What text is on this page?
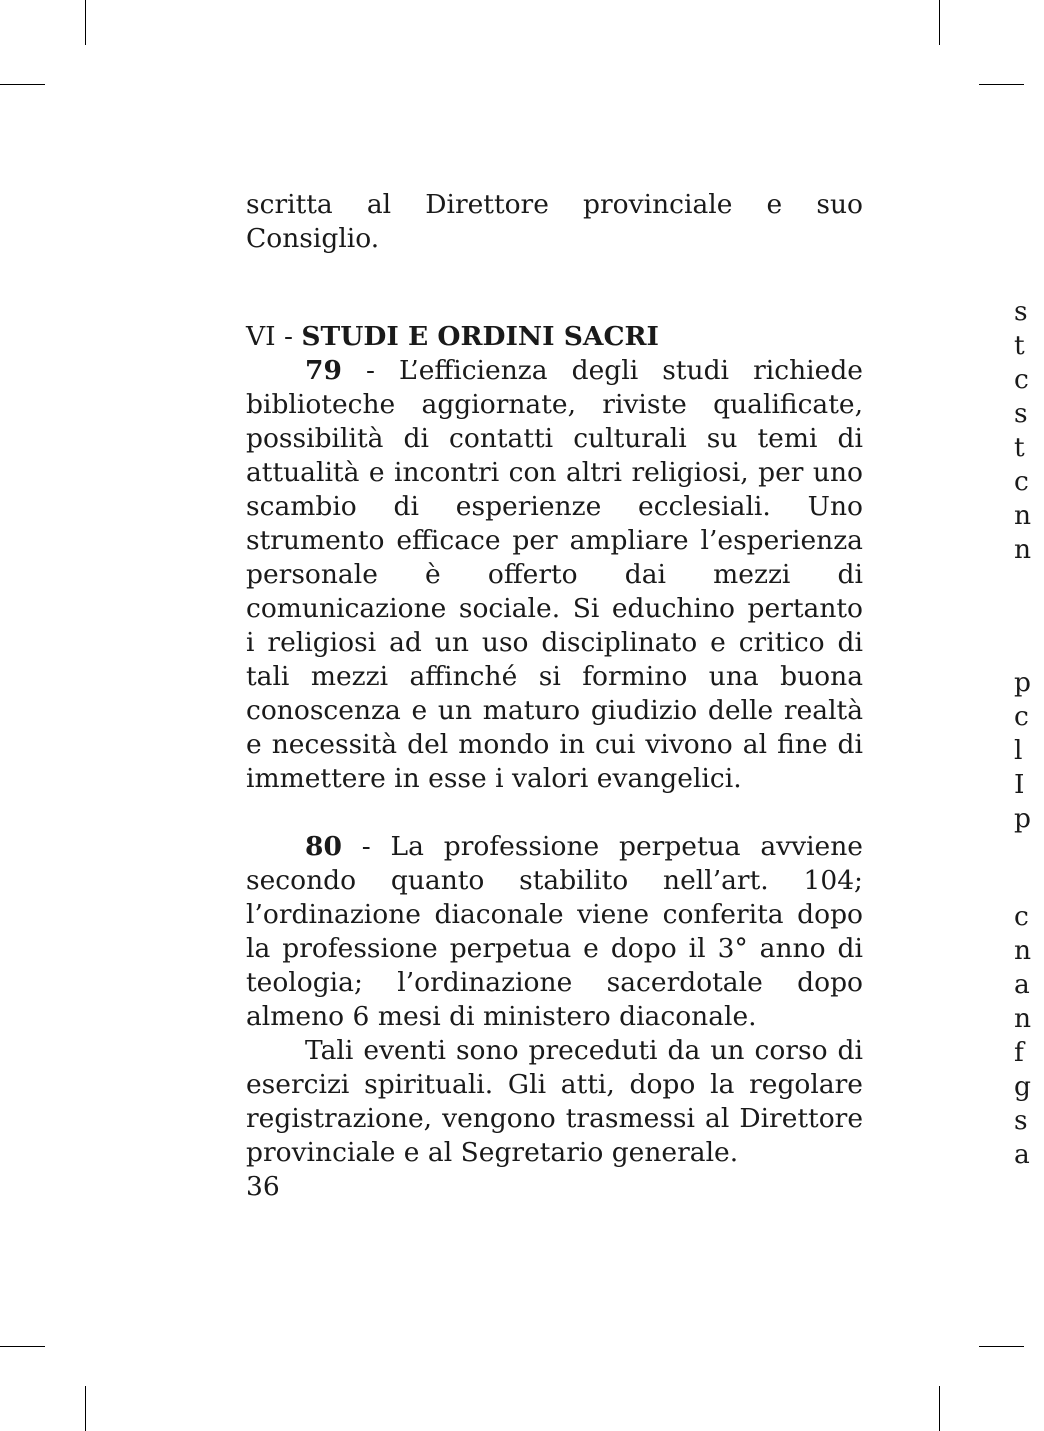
scritta al Direttore provinciale e suo Consiglio.

VI - STUDI E ORDINI SACRI

79 - L’efficienza degli studi richiede biblioteche aggiornate, riviste qualificate, possibilità di contatti culturali su temi di attualità e incontri con altri religiosi, per uno scambio di esperienze ecclesiali. Uno strumento efficace per ampliare l’esperienza personale è offerto dai mezzi di comunicazione sociale. Si educhino pertanto i religiosi ad un uso disciplinato e critico di tali mezzi affinché si formino una buona conoscenza e un maturo giudizio delle realtà e necessità del mondo in cui vivono al fine di immettere in esse i valori evangelici.

80 - La professione perpetua avviene secondo quanto stabilito nell’art. 104; l’ordinazione diaconale viene conferita dopo la professione perpetua e dopo il 3° anno di teologia; l’ordinazione sacerdotale dopo almeno 6 mesi di ministero diaconale.

Tali eventi sono preceduti da un corso di esercizi spirituali. Gli atti, dopo la regolare registrazione, vengono trasmessi al Direttore provinciale e al Segretario generale.

36

s
t
c
s
t
c
n
n
p
c
l
I
p
c
n
a
n
f
g
s
a
